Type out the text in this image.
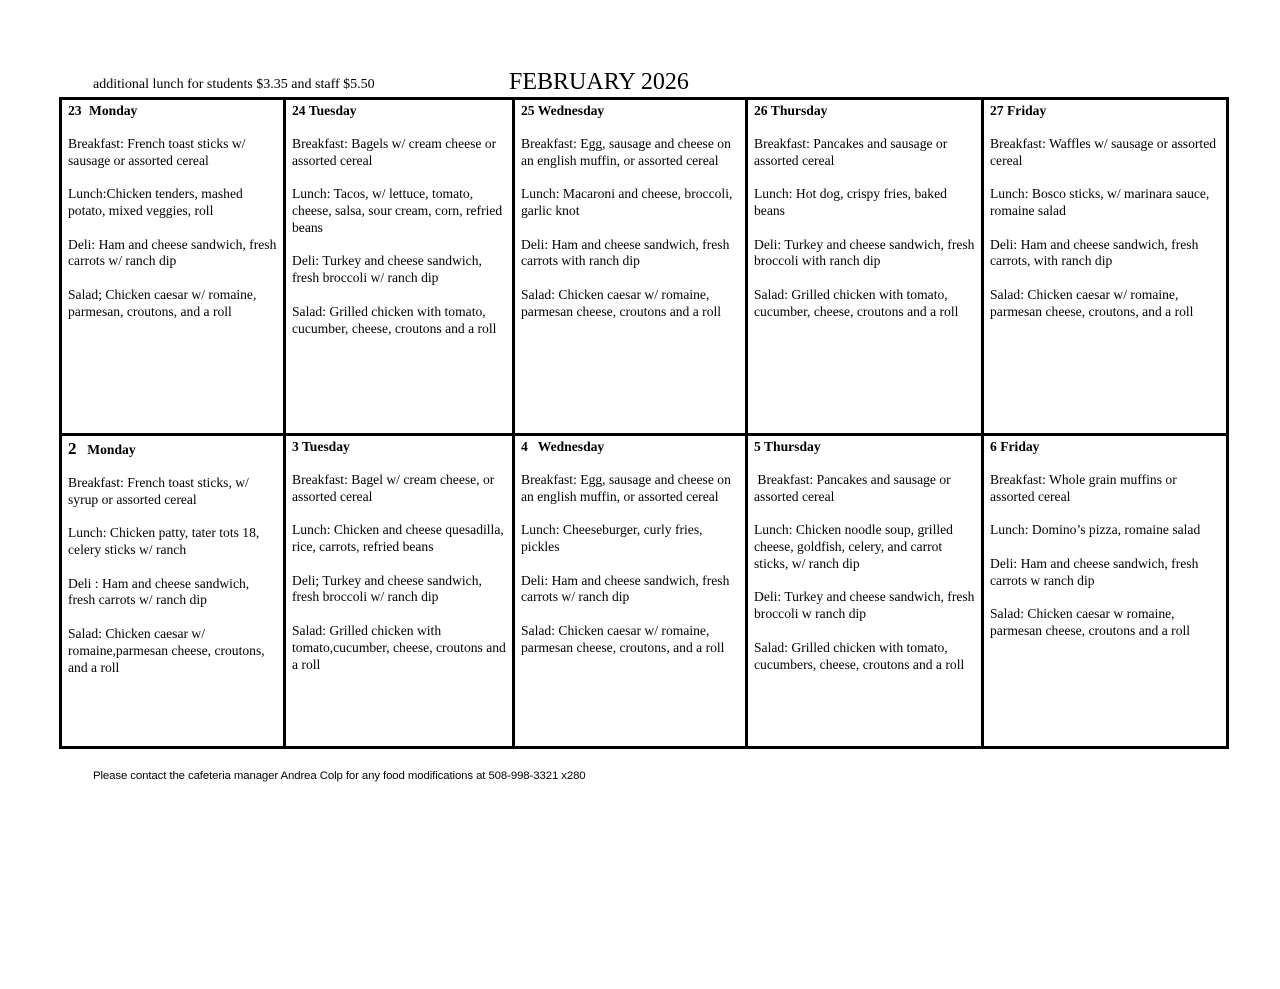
additional lunch for students $3.35 and staff $5.50	FEBRUARY 2026
23 Monday

Breakfast: French toast sticks w/ sausage or assorted cereal

Lunch:Chicken tenders, mashed potato, mixed veggies, roll

Deli: Ham and cheese sandwich, fresh carrots w/ ranch dip

Salad; Chicken caesar w/ romaine, parmesan, croutons, and a roll

24 Tuesday

Breakfast: Bagels w/ cream cheese or assorted cereal

Lunch: Tacos, w/ lettuce, tomato, cheese, salsa, sour cream, corn, refried beans

Deli: Turkey and cheese sandwich, fresh broccoli w/ ranch dip

Salad: Grilled chicken with tomato, cucumber, cheese, croutons and a roll

25 Wednesday

Breakfast: Egg, sausage and cheese on an english muffin, or assorted cereal

Lunch: Macaroni and cheese, broccoli, garlic knot

Deli: Ham and cheese sandwich, fresh carrots with ranch dip

Salad: Chicken caesar w/ romaine, parmesan cheese, croutons and a roll

26 Thursday

Breakfast: Pancakes and sausage or assorted cereal

Lunch: Hot dog, crispy fries, baked beans

Deli: Turkey and cheese sandwich, fresh broccoli with ranch dip

Salad: Grilled chicken with tomato, cucumber, cheese, croutons and a roll

27 Friday

Breakfast: Waffles w/ sausage or assorted cereal

Lunch: Bosco sticks, w/ marinara sauce, romaine salad

Deli: Ham and cheese sandwich, fresh carrots, with ranch dip

Salad: Chicken caesar w/ romaine, parmesan cheese, croutons, and a roll

2 Monday

Breakfast: French toast sticks, w/ syrup or assorted cereal

Lunch: Chicken patty, tater tots 18, celery sticks w/ ranch

Deli : Ham and cheese sandwich, fresh carrots w/ ranch dip

Salad: Chicken caesar w/ romaine,parmesan cheese, croutons, and a roll

3 Tuesday

Breakfast: Bagel w/ cream cheese, or assorted cereal

Lunch: Chicken and cheese quesadilla, rice, carrots, refried beans

Deli; Turkey and cheese sandwich, fresh broccoli w/ ranch dip

Salad: Grilled chicken with tomato,cucumber, cheese, croutons and a roll

4 Wednesday

Breakfast: Egg, sausage and cheese on an english muffin, or assorted cereal

Lunch: Cheeseburger, curly fries, pickles

Deli: Ham and cheese sandwich, fresh carrots w/ ranch dip

Salad: Chicken caesar w/ romaine, parmesan cheese, croutons, and a roll

5 Thursday

Breakfast: Pancakes and sausage or assorted cereal

Lunch: Chicken noodle soup, grilled cheese, goldfish, celery, and carrot sticks, w/ ranch dip

Deli: Turkey and cheese sandwich, fresh broccoli w ranch dip

Salad: Grilled chicken with tomato, cucumbers, cheese, croutons and a roll

6 Friday

Breakfast: Whole grain muffins or assorted cereal

Lunch: Domino’s pizza, romaine salad

Deli: Ham and cheese sandwich, fresh carrots w ranch dip

Salad: Chicken caesar w romaine, parmesan cheese, croutons and a roll

Please contact the cafeteria manager Andrea Colp for any food modifications at 508-998-3321 x280
